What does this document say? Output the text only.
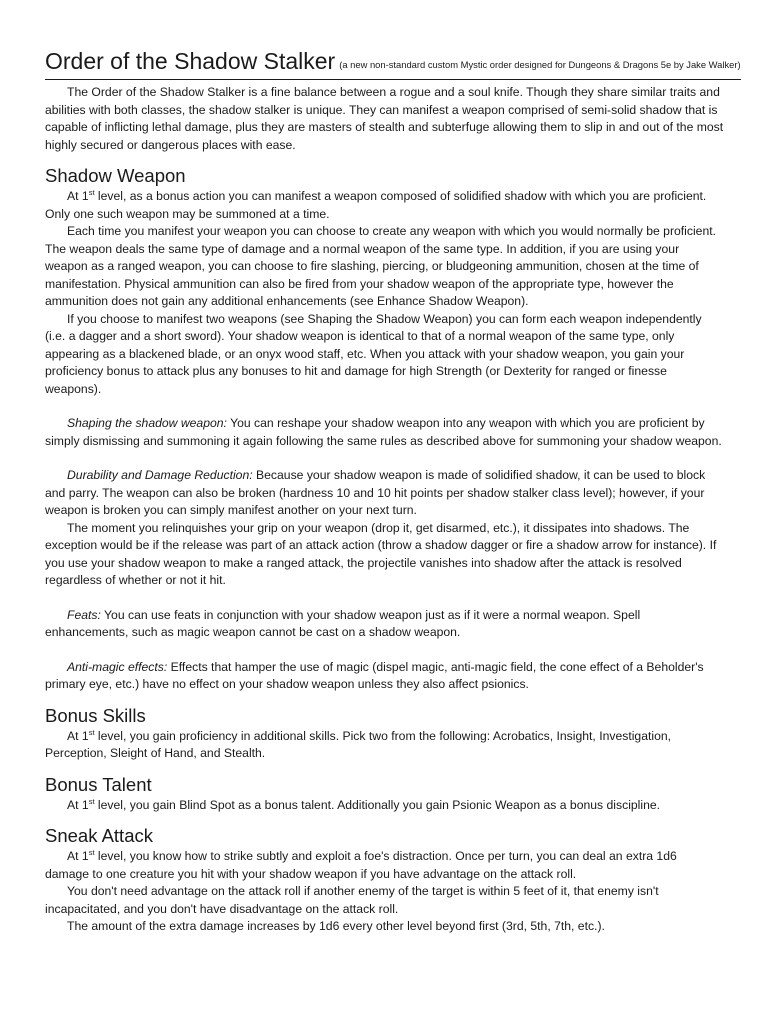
Order of the Shadow Stalker (a new non-standard custom Mystic order designed for Dungeons & Dragons 5e by Jake Walker)

The Order of the Shadow Stalker is a fine balance between a rogue and a soul knife. Though they share similar traits and abilities with both classes, the shadow stalker is unique. They can manifest a weapon comprised of semi-solid shadow that is capable of inflicting lethal damage, plus they are masters of stealth and subterfuge allowing them to slip in and out of the most highly secured or dangerous places with ease.

Shadow Weapon

At 1st level, as a bonus action you can manifest a weapon composed of solidified shadow with which you are proficient. Only one such weapon may be summoned at a time.

Each time you manifest your weapon you can choose to create any weapon with which you would normally be proficient. The weapon deals the same type of damage and a normal weapon of the same type. In addition, if you are using your weapon as a ranged weapon, you can choose to fire slashing, piercing, or bludgeoning ammunition, chosen at the time of manifestation. Physical ammunition can also be fired from your shadow weapon of the appropriate type, however the ammunition does not gain any additional enhancements (see Enhance Shadow Weapon).

If you choose to manifest two weapons (see Shaping the Shadow Weapon) you can form each weapon independently (i.e. a dagger and a short sword). Your shadow weapon is identical to that of a normal weapon of the same type, only appearing as a blackened blade, or an onyx wood staff, etc. When you attack with your shadow weapon, you gain your proficiency bonus to attack plus any bonuses to hit and damage for high Strength (or Dexterity for ranged or finesse weapons).

Shaping the shadow weapon: You can reshape your shadow weapon into any weapon with which you are proficient by simply dismissing and summoning it again following the same rules as described above for summoning your shadow weapon.

Durability and Damage Reduction: Because your shadow weapon is made of solidified shadow, it can be used to block and parry. The weapon can also be broken (hardness 10 and 10 hit points per shadow stalker class level); however, if your weapon is broken you can simply manifest another on your next turn.

The moment you relinquishes your grip on your weapon (drop it, get disarmed, etc.), it dissipates into shadows. The exception would be if the release was part of an attack action (throw a shadow dagger or fire a shadow arrow for instance). If you use your shadow weapon to make a ranged attack, the projectile vanishes into shadow after the attack is resolved regardless of whether or not it hit.

Feats: You can use feats in conjunction with your shadow weapon just as if it were a normal weapon. Spell enhancements, such as magic weapon cannot be cast on a shadow weapon.

Anti-magic effects: Effects that hamper the use of magic (dispel magic, anti-magic field, the cone effect of a Beholder's primary eye, etc.) have no effect on your shadow weapon unless they also affect psionics.

Bonus Skills

At 1st level, you gain proficiency in additional skills. Pick two from the following: Acrobatics, Insight, Investigation, Perception, Sleight of Hand, and Stealth.

Bonus Talent

At 1st level, you gain Blind Spot as a bonus talent. Additionally you gain Psionic Weapon as a bonus discipline.

Sneak Attack

At 1st level, you know how to strike subtly and exploit a foe's distraction. Once per turn, you can deal an extra 1d6 damage to one creature you hit with your shadow weapon if you have advantage on the attack roll.

You don't need advantage on the attack roll if another enemy of the target is within 5 feet of it, that enemy isn't incapacitated, and you don't have disadvantage on the attack roll.

The amount of the extra damage increases by 1d6 every other level beyond first (3rd, 5th, 7th, etc.).
